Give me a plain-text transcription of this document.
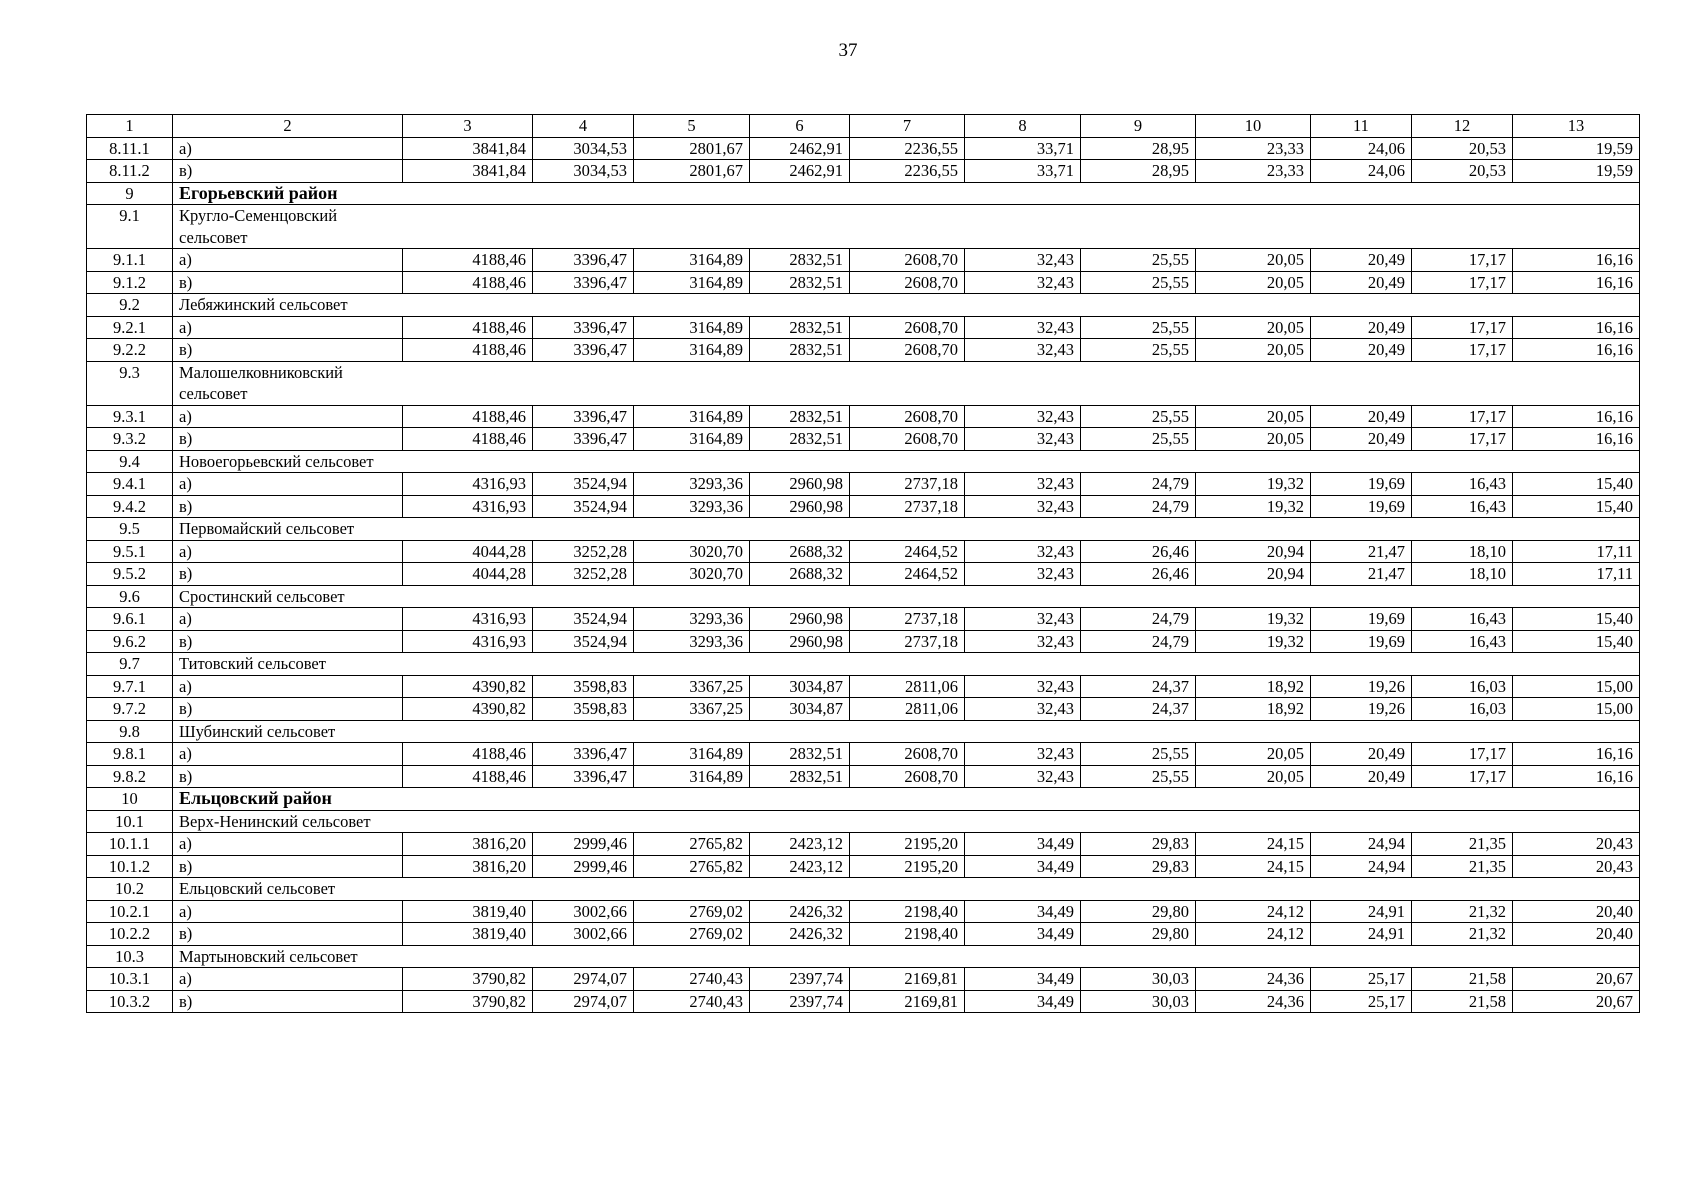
37
1	2	3	4	5	6	7	8	9	10	11	12	13
8.11.1	а)	3841,84	3034,53	2801,67	2462,91	2236,55	33,71	28,95	23,33	24,06	20,53	19,59
8.11.2	в)	3841,84	3034,53	2801,67	2462,91	2236,55	33,71	28,95	23,33	24,06	20,53	19,59
9	Егорьевский район											
9.1	Кругло-Семенцовский сельсовет											
9.1.1	а)	4188,46	3396,47	3164,89	2832,51	2608,70	32,43	25,55	20,05	20,49	17,17	16,16
9.1.2	в)	4188,46	3396,47	3164,89	2832,51	2608,70	32,43	25,55	20,05	20,49	17,17	16,16
9.2	Лебяжинский сельсовет											
9.2.1	а)	4188,46	3396,47	3164,89	2832,51	2608,70	32,43	25,55	20,05	20,49	17,17	16,16
9.2.2	в)	4188,46	3396,47	3164,89	2832,51	2608,70	32,43	25,55	20,05	20,49	17,17	16,16
9.3	Малошелковниковский сельсовет											
9.3.1	а)	4188,46	3396,47	3164,89	2832,51	2608,70	32,43	25,55	20,05	20,49	17,17	16,16
9.3.2	в)	4188,46	3396,47	3164,89	2832,51	2608,70	32,43	25,55	20,05	20,49	17,17	16,16
9.4	Новоегорьевский сельсовет											
9.4.1	а)	4316,93	3524,94	3293,36	2960,98	2737,18	32,43	24,79	19,32	19,69	16,43	15,40
9.4.2	в)	4316,93	3524,94	3293,36	2960,98	2737,18	32,43	24,79	19,32	19,69	16,43	15,40
9.5	Первомайский сельсовет											
9.5.1	а)	4044,28	3252,28	3020,70	2688,32	2464,52	32,43	26,46	20,94	21,47	18,10	17,11
9.5.2	в)	4044,28	3252,28	3020,70	2688,32	2464,52	32,43	26,46	20,94	21,47	18,10	17,11
9.6	Сростинский сельсовет											
9.6.1	а)	4316,93	3524,94	3293,36	2960,98	2737,18	32,43	24,79	19,32	19,69	16,43	15,40
9.6.2	в)	4316,93	3524,94	3293,36	2960,98	2737,18	32,43	24,79	19,32	19,69	16,43	15,40
9.7	Титовский сельсовет											
9.7.1	а)	4390,82	3598,83	3367,25	3034,87	2811,06	32,43	24,37	18,92	19,26	16,03	15,00
9.7.2	в)	4390,82	3598,83	3367,25	3034,87	2811,06	32,43	24,37	18,92	19,26	16,03	15,00
9.8	Шубинский сельсовет											
9.8.1	а)	4188,46	3396,47	3164,89	2832,51	2608,70	32,43	25,55	20,05	20,49	17,17	16,16
9.8.2	в)	4188,46	3396,47	3164,89	2832,51	2608,70	32,43	25,55	20,05	20,49	17,17	16,16
10	Ельцовский район											
10.1	Верх-Ненинский сельсовет											
10.1.1	а)	3816,20	2999,46	2765,82	2423,12	2195,20	34,49	29,83	24,15	24,94	21,35	20,43
10.1.2	в)	3816,20	2999,46	2765,82	2423,12	2195,20	34,49	29,83	24,15	24,94	21,35	20,43
10.2	Ельцовский сельсовет											
10.2.1	а)	3819,40	3002,66	2769,02	2426,32	2198,40	34,49	29,80	24,12	24,91	21,32	20,40
10.2.2	в)	3819,40	3002,66	2769,02	2426,32	2198,40	34,49	29,80	24,12	24,91	21,32	20,40
10.3	Мартыновский сельсовет											
10.3.1	а)	3790,82	2974,07	2740,43	2397,74	2169,81	34,49	30,03	24,36	25,17	21,58	20,67
10.3.2	в)	3790,82	2974,07	2740,43	2397,74	2169,81	34,49	30,03	24,36	25,17	21,58	20,67
